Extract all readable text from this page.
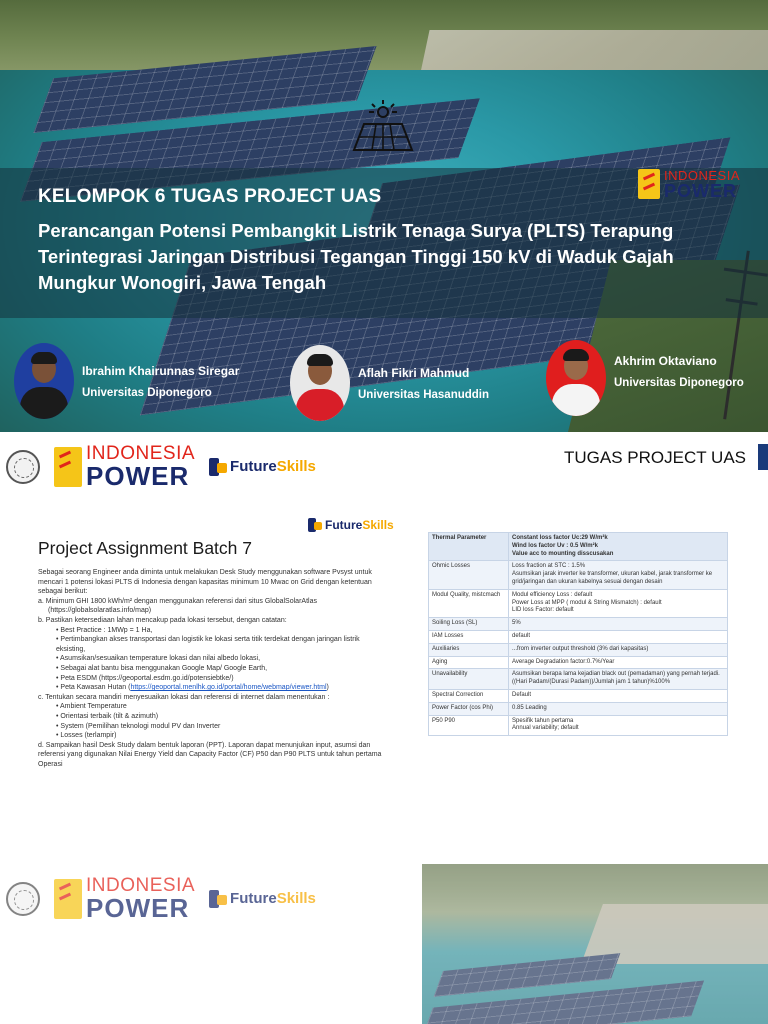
INDONESIA
POWER
KELOMPOK 6 TUGAS PROJECT UAS
Perancangan Potensi Pembangkit Listrik Tenaga Surya (PLTS) Terapung Terintegrasi Jaringan Distribusi Tegangan Tinggi 150 kV di Waduk Gajah Mungkur Wonogiri, Jawa Tengah
Ibrahim Khairunnas Siregar
Universitas Diponegoro
Aflah Fikri Mahmud
Universitas Hasanuddin
Akhrim Oktaviano
Universitas Diponegoro
INDONESIA
POWER	FutureSkills	TUGAS PROJECT UAS
FutureSkills
Project Assignment Batch 7

Sebagai seorang Engineer anda diminta untuk melakukan Desk Study menggunakan software Pvsyst untuk mencari 1 potensi lokasi PLTS di Indonesia dengan kapasitas minimum 10 Mwac on Grid dengan ketentuan sebagai berikut:

a. Minimum GHI 1800 kWh/m² dengan menggunakan referensi dari situs GlobalSolarAtlas

(https://globalsolaratlas.info/map)

b. Pastikan ketersediaan lahan mencakup pada lokasi tersebut, dengan catatan:

• Best Practice : 1MWp = 1 Ha,

• Pertimbangkan akses transportasi dan logistik ke lokasi serta titik terdekat dengan jaringan listrik eksisting,

• Asumsikan/sesuaikan temperature lokasi dan nilai albedo lokasi,

• Sebagai alat bantu bisa menggunakan Google Map/ Google Earth,

• Peta ESDM (https://geoportal.esdm.go.id/potensiebtke/)

• Peta Kawasan Hutan (https://geoportal.menlhk.go.id/portal/home/webmap/viewer.html)

c. Tentukan secara mandiri menyesuaikan lokasi dan referensi di internet dalam menentukan :

• Ambient Temperature

• Orientasi terbaik (tilt & azimuth)

• System (Pemilihan teknologi modul PV dan Inverter

• Losses (terlampir)

d. Sampaikan hasil Desk Study dalam bentuk laporan (PPT). Laporan dapat menunjukan input, asumsi dan referensi yang digunakan Nilai Energy Yield dan Capacity Factor (CF) P50 dan P90 PLTS untuk tahun pertama Operasi

Thermal Parameter	Constant loss factor Uc:29 W/m²k
Wind los factor Uv : 0.5 W/m²k
Value acc to mounting disscusakan
Ohmic Losses	Loss fraction at STC : 1.5%
Asumsikan jarak inverter ke transformer, ukuran kabel, jarak transformer ke grid/jaringan dan ukuran kabelnya sesuai dengan desain
Modul Quality, mistcmach	Modul efficiency Loss : default
Power Loss at MPP ( modul & String Mismatch) : default
LID loss Factor: default
Soiling Loss (SL)	5%
IAM Losses	default
Auxiliaries	...from inverter output threshold (3% dari kapasitas)
Aging	Average Degradation factor:0.7%/Year
Unavailability	Asumsikan berapa lama kejadian black out (pemadaman) yang pernah terjadi. ((Hari Padam/(Durasi Padam))/Jumlah jam 1 tahun)%100%
Spectral Correction	Default
Power Factor (cos Phi)	0.85 Leading
P50 P90	Spesifik tahun pertama
Annual variability; default
INDONESIA
POWER	FutureSkills
